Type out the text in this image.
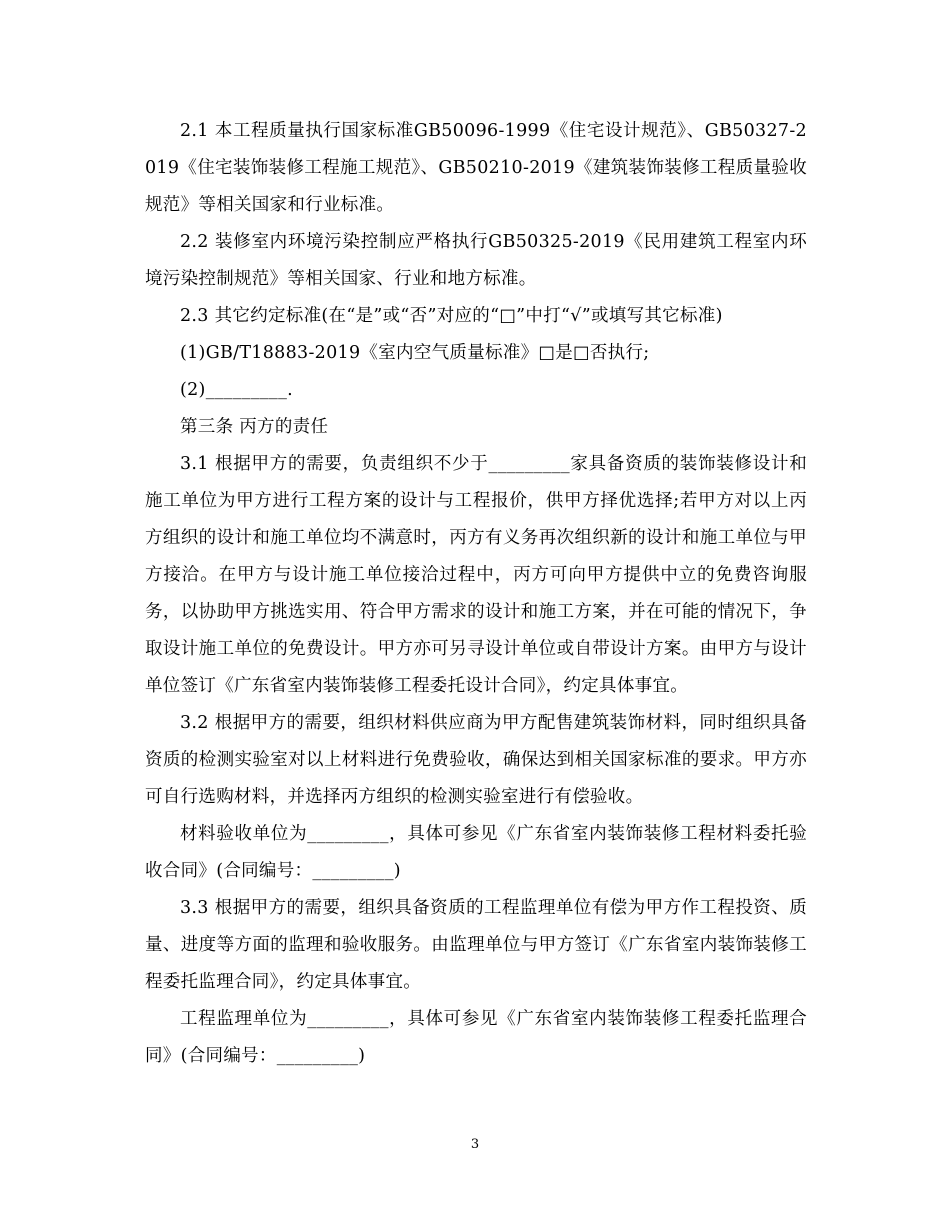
2.1 本工程质量执行国家标准GB50096-1999《住宅设计规范》、GB50327-2019《住宅装饰装修工程施工规范》、GB50210-2019《建筑装饰装修工程质量验收规范》等相关国家和行业标准。

2.2 装修室内环境污染控制应严格执行GB50325-2019《民用建筑工程室内环境污染控制规范》等相关国家、行业和地方标准。

2.3 其它约定标准(在“是”或“否”对应的“□”中打“√”或填写其它标准)

(1)GB/T18883-2019《室内空气质量标准》□是□否执行;

(2)_________.

第三条 丙方的责任

3.1 根据甲方的需要，负责组织不少于_________家具备资质的装饰装修设计和施工单位为甲方进行工程方案的设计与工程报价，供甲方择优选择;若甲方对以上丙方组织的设计和施工单位均不满意时，丙方有义务再次组织新的设计和施工单位与甲方接洽。在甲方与设计施工单位接洽过程中，丙方可向甲方提供中立的免费咨询服务，以协助甲方挑选实用、符合甲方需求的设计和施工方案，并在可能的情况下，争取设计施工单位的免费设计。甲方亦可另寻设计单位或自带设计方案。由甲方与设计单位签订《广东省室内装饰装修工程委托设计合同》，约定具体事宜。

3.2 根据甲方的需要，组织材料供应商为甲方配售建筑装饰材料，同时组织具备资质的检测实验室对以上材料进行免费验收，确保达到相关国家标准的要求。甲方亦可自行选购材料，并选择丙方组织的检测实验室进行有偿验收。

材料验收单位为_________，具体可参见《广东省室内装饰装修工程材料委托验收合同》(合同编号：_________)

3.3 根据甲方的需要，组织具备资质的工程监理单位有偿为甲方作工程投资、质量、进度等方面的监理和验收服务。由监理单位与甲方签订《广东省室内装饰装修工程委托监理合同》，约定具体事宜。

工程监理单位为_________，具体可参见《广东省室内装饰装修工程委托监理合同》(合同编号：_________)

3
